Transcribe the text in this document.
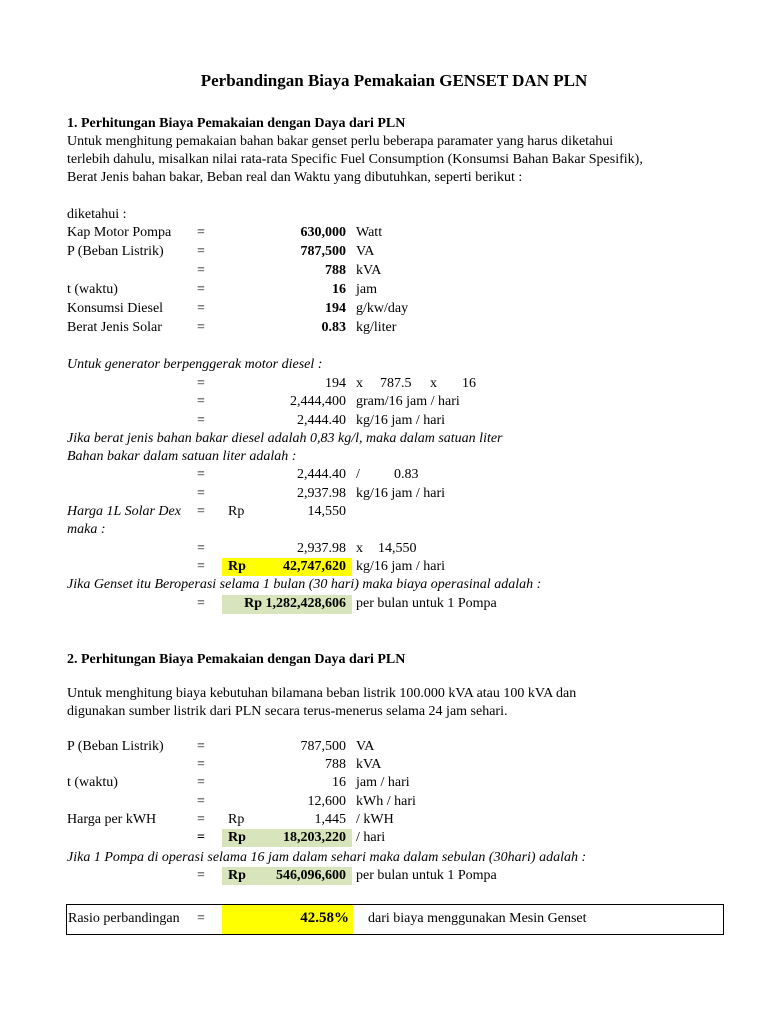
Perbandingan Biaya Pemakaian GENSET DAN PLN
1. Perhitungan Biaya Pemakaian dengan Daya dari PLN
Untuk menghitung pemakaian bahan bakar genset perlu beberapa paramater yang harus diketahui
terlebih dahulu, misalkan nilai rata-rata Specific Fuel Consumption (Konsumsi Bahan Bakar Spesifik),
Berat Jenis bahan bakar, Beban real dan Waktu yang dibutuhkan, seperti berikut :
diketahui :
Kap Motor Pompa =	630,000 Watt
P (Beban Listrik) =	787,500 VA
=	788 kVA
t (waktu)	=	16 jam
Konsumsi Diesel =	194 g/kw/day
Berat Jenis Solar	=	0.83 kg/liter
Untuk generator berpenggerak motor diesel :
=	194 x 787.5 x 16
=	2,444,400 gram/16 jam / hari
=	2,444.40 kg/16 jam / hari
Jika berat jenis bahan bakar diesel adalah 0,83 kg/l, maka dalam satuan liter
Bahan bakar dalam satuan liter adalah :
=	2,444.40 / 0.83
=	2,937.98 kg/16 jam / hari
Harga 1L Solar Dex = Rp	14,550
maka :
=	2,937.98 x 14,550
= Rp	42,747,620 kg/16 jam / hari
Jika Genset itu Beroperasi selama 1 bulan (30 hari) maka biaya operasinal adalah :
=	Rp 1,282,428,606 per bulan untuk 1 Pompa
2. Perhitungan Biaya Pemakaian dengan Daya dari PLN
Untuk menghitung biaya kebutuhan bilamana beban listrik 100.000 kVA atau 100 kVA dan
digunakan sumber listrik dari PLN secara terus-menerus selama 24 jam sehari.
P (Beban Listrik) =	787,500 VA
=	788 kVA
t (waktu)	=	16 jam / hari
=	12,600 kWh / hari
Harga per kWH	= Rp	1,445 / kWH
= Rp	18,203,220 / hari
Jika 1 Pompa di operasi selama 16 jam dalam sehari maka dalam sebulan (30hari) adalah :
= Rp	546,096,600 per bulan untuk 1 Pompa
Rasio perbandingan	=	42.58% dari biaya menggunakan Mesin Genset
